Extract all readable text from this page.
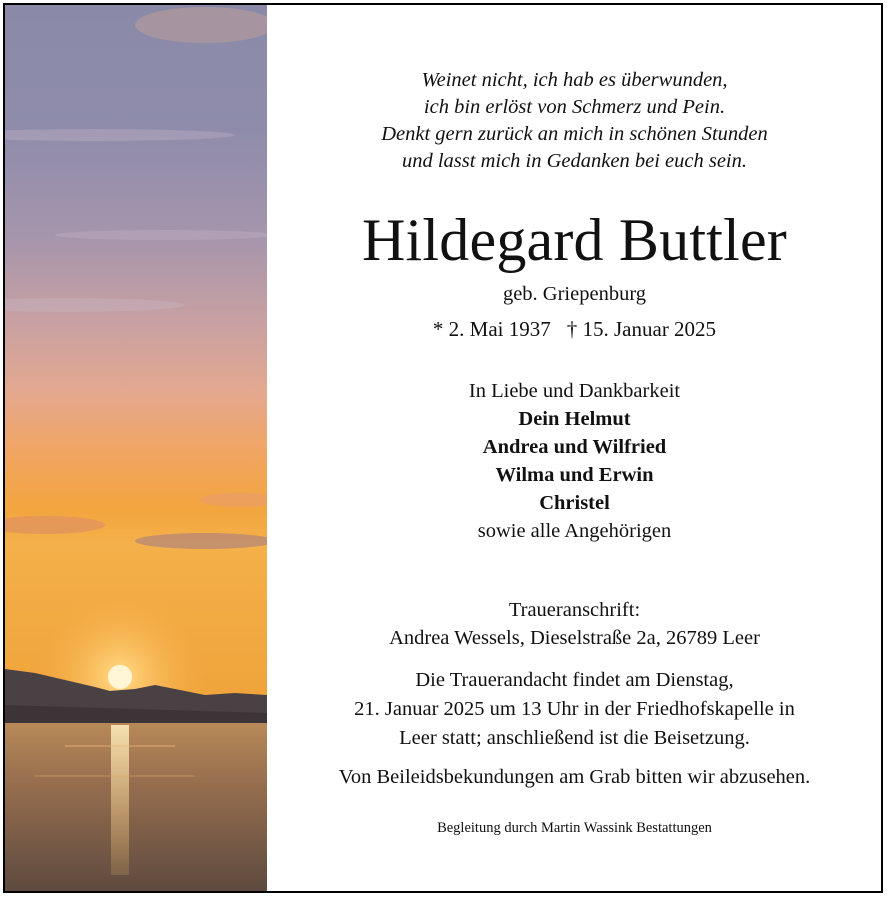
Weinet nicht, ich hab es überwunden,
ich bin erlöst von Schmerz und Pein.
Denkt gern zurück an mich in schönen Stunden
und lasst mich in Gedanken bei euch sein.
Hildegard Buttler
geb. Griepenburg
* 2. Mai 1937 † 15. Januar 2025
In Liebe und Dankbarkeit
Dein Helmut
Andrea und Wilfried
Wilma und Erwin
Christel
sowie alle Angehörigen
Traueranschrift:
Andrea Wessels, Dieselstraße 2a, 26789 Leer
Die Trauerandacht findet am Dienstag,
21. Januar 2025 um 13 Uhr in der Friedhofskapelle in
Leer statt; anschließend ist die Beisetzung.
Von Beileidsbekundungen am Grab bitten wir abzusehen.
Begleitung durch Martin Wassink Bestattungen
